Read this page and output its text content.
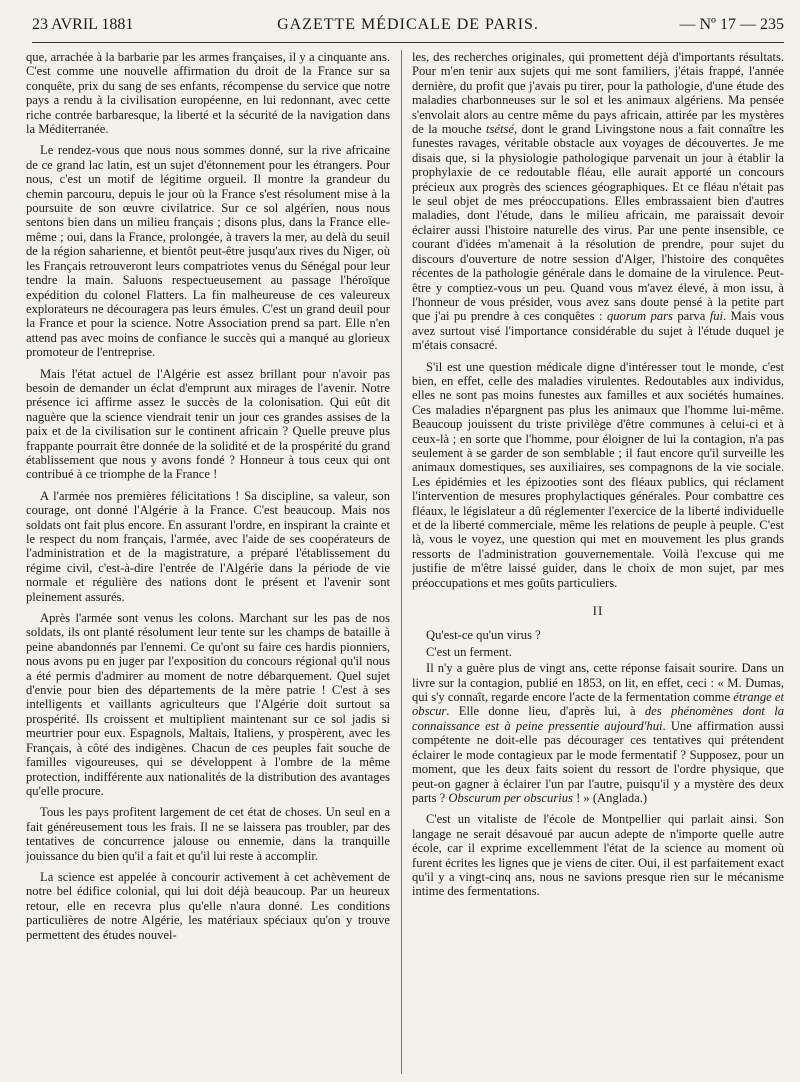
23 AVRIL 1881	GAZETTE MÉDICALE DE PARIS.	— Nº 17 — 235

que, arrachée à la barbarie par les armes françaises, il y a cinquante ans. C'est comme une nouvelle affirmation du droit de la France sur sa conquête, prix du sang de ses enfants, récompense du service que notre pays a rendu à la civilisation européenne, en lui redonnant, avec cette riche contrée barbaresque, la liberté et la sécurité de la navigation dans la Méditerranée.

Le rendez-vous que nous nous sommes donné, sur la rive africaine de ce grand lac latin, est un sujet d'étonnement pour les étrangers. Pour nous, c'est un motif de légitime orgueil. Il montre la grandeur du chemin parcouru, depuis le jour où la France s'est résolument mise à la poursuite de son œuvre civilatrice. Sur ce sol algérien, nous nous sentons bien dans un milieu français ; disons plus, dans la France elle-même ; oui, dans la France, prolongée, à travers la mer, au delà du seuil de la région saharienne, et bientôt peut-être jusqu'aux rives du Niger, où les Français retrouveront leurs compatriotes venus du Sénégal pour leur tendre la main. Saluons respectueusement au passage l'héroïque expédition du colonel Flatters. La fin malheureuse de ces valeureux explorateurs ne découragera pas leurs émules. C'est un grand deuil pour la France et pour la science. Notre Association prend sa part. Elle n'en attend pas avec moins de confiance le succès qui a manqué au glorieux promoteur de l'entreprise.

Mais l'état actuel de l'Algérie est assez brillant pour n'avoir pas besoin de demander un éclat d'emprunt aux mirages de l'avenir. Notre présence ici affirme assez le succès de la colonisation. Qui eût dit naguère que la science viendrait tenir un jour ces grandes assises de la paix et de la civilisation sur le continent africain ? Quelle preuve plus frappante pourrait être donnée de la solidité et de la prospérité du grand établissement que nous y avons fondé ? Honneur à tous ceux qui ont contribué à ce triomphe de la France !

A l'armée nos premières félicitations ! Sa discipline, sa valeur, son courage, ont donné l'Algérie à la France. C'est beaucoup. Mais nos soldats ont fait plus encore. En assurant l'ordre, en inspirant la crainte et le respect du nom français, l'armée, avec l'aide de ses coopérateurs de l'administration et de la magistrature, a préparé l'établissement du régime civil, c'est-à-dire l'entrée de l'Algérie dans la période de vie normale et régulière des nations dont le présent et l'avenir sont pleinement assurés.

Après l'armée sont venus les colons. Marchant sur les pas de nos soldats, ils ont planté résolument leur tente sur les champs de bataille à peine abandonnés par l'ennemi. Ce qu'ont su faire ces hardis pionniers, nous avons pu en juger par l'exposition du concours régional qu'il nous a été permis d'admirer au moment de notre débarquement. Quel sujet d'envie pour bien des départements de la mère patrie ! C'est à ses intelligents et vaillants agriculteurs que l'Algérie doit surtout sa prospérité. Ils croissent et multiplient maintenant sur ce sol jadis si meurtrier pour eux. Espagnols, Maltais, Italiens, y prospèrent, avec les Français, à côté des indigènes. Chacun de ces peuples fait souche de familles vigoureuses, qui se développent à l'ombre de la même protection, indifférente aux nationalités de la distribution des avantages qu'elle procure.

Tous les pays profitent largement de cet état de choses. Un seul en a fait généreusement tous les frais. Il ne se laissera pas troubler, par des tentatives de concurrence jalouse ou ennemie, dans la tranquille jouissance du bien qu'il a fait et qu'il lui reste à accomplir.

La science est appelée à concourir activement à cet achèvement de notre bel édifice colonial, qui lui doit déjà beaucoup. Par un heureux retour, elle en recevra plus qu'elle n'aura donné. Les conditions particulières de notre Algérie, les matériaux spéciaux qu'on y trouve permettent des études nouvel-

les, des recherches originales, qui promettent déjà d'importants résultats. Pour m'en tenir aux sujets qui me sont familiers, j'étais frappé, l'année dernière, du profit que j'avais pu tirer, pour la pathologie, d'une étude des maladies charbonneuses sur le sol et les animaux algériens. Ma pensée s'envolait alors au centre même du pays africain, attirée par les mystères de la mouche tsétsé, dont le grand Livingstone nous a fait connaître les funestes ravages, véritable obstacle aux voyages de découvertes. Je me disais que, si la physiologie pathologique parvenait un jour à établir la prophylaxie de ce redoutable fléau, elle aurait apporté un concours précieux aux progrès des sciences géographiques. Et ce fléau n'était pas le seul objet de mes préoccupations. Elles embrassaient bien d'autres maladies, dont l'étude, dans le milieu africain, me paraissait devoir éclairer aussi l'histoire naturelle des virus. Par une pente insensible, ce courant d'idées m'amenait à la résolution de prendre, pour sujet du discours d'ouverture de notre session d'Alger, l'histoire des conquêtes récentes de la pathologie générale dans le domaine de la virulence. Peut-être y comptiez-vous un peu. Quand vous m'avez élevé, à mon issu, à l'honneur de vous présider, vous avez sans doute pensé à la petite part que j'ai pu prendre à ces conquêtes : quorum pars parva fui. Mais vous avez surtout visé l'importance considérable du sujet à l'étude duquel je m'étais consacré.

S'il est une question médicale digne d'intéresser tout le monde, c'est bien, en effet, celle des maladies virulentes. Redoutables aux individus, elles ne sont pas moins funestes aux familles et aux sociétés humaines. Ces maladies n'épargnent pas plus les animaux que l'homme lui-même. Beaucoup jouissent du triste privilège d'être communes à celui-ci et à ceux-là ; en sorte que l'homme, pour éloigner de lui la contagion, n'a pas seulement à se garder de son semblable ; il faut encore qu'il surveille les animaux domestiques, ses auxiliaires, ses compagnons de la vie sociale. Les épidémies et les épizooties sont des fléaux publics, qui réclament l'intervention de mesures prophylactiques générales. Pour combattre ces fléaux, le législateur a dû réglementer l'exercice de la liberté individuelle et de la liberté commerciale, même les relations de peuple à peuple. C'est là, vous le voyez, une question qui met en mouvement les plus grands ressorts de l'administration gouvernementale. Voilà l'excuse qui me justifie de m'être laissé guider, dans le choix de mon sujet, par mes préoccupations et mes goûts particuliers.

II

Qu'est-ce qu'un virus ?

C'est un ferment.

Il n'y a guère plus de vingt ans, cette réponse faisait sourire. Dans un livre sur la contagion, publié en 1853, on lit, en effet, ceci : « M. Dumas, qui s'y connaît, regarde encore l'acte de la fermentation comme étrange et obscur. Elle donne lieu, d'après lui, à des phénomènes dont la connaissance est à peine pressentie aujourd'hui. Une affirmation aussi compétente ne doit-elle pas décourager ces tentatives qui prétendent éclairer le mode contagieux par le mode fermentatif ? Supposez, pour un moment, que les deux faits soient du ressort de l'ordre physique, que peut-on gagner à éclairer l'un par l'autre, puisqu'il y a mystère des deux parts ? Obscurum per obscurius ! » (Anglada.)

C'est un vitaliste de l'école de Montpellier qui parlait ainsi. Son langage ne serait désavoué par aucun adepte de n'importe quelle autre école, car il exprime excellemment l'état de la science au moment où furent écrites les lignes que je viens de citer. Oui, il est parfaitement exact qu'il y a vingt-cinq ans, nous ne savions presque rien sur le mécanisme intime des fermentations.
